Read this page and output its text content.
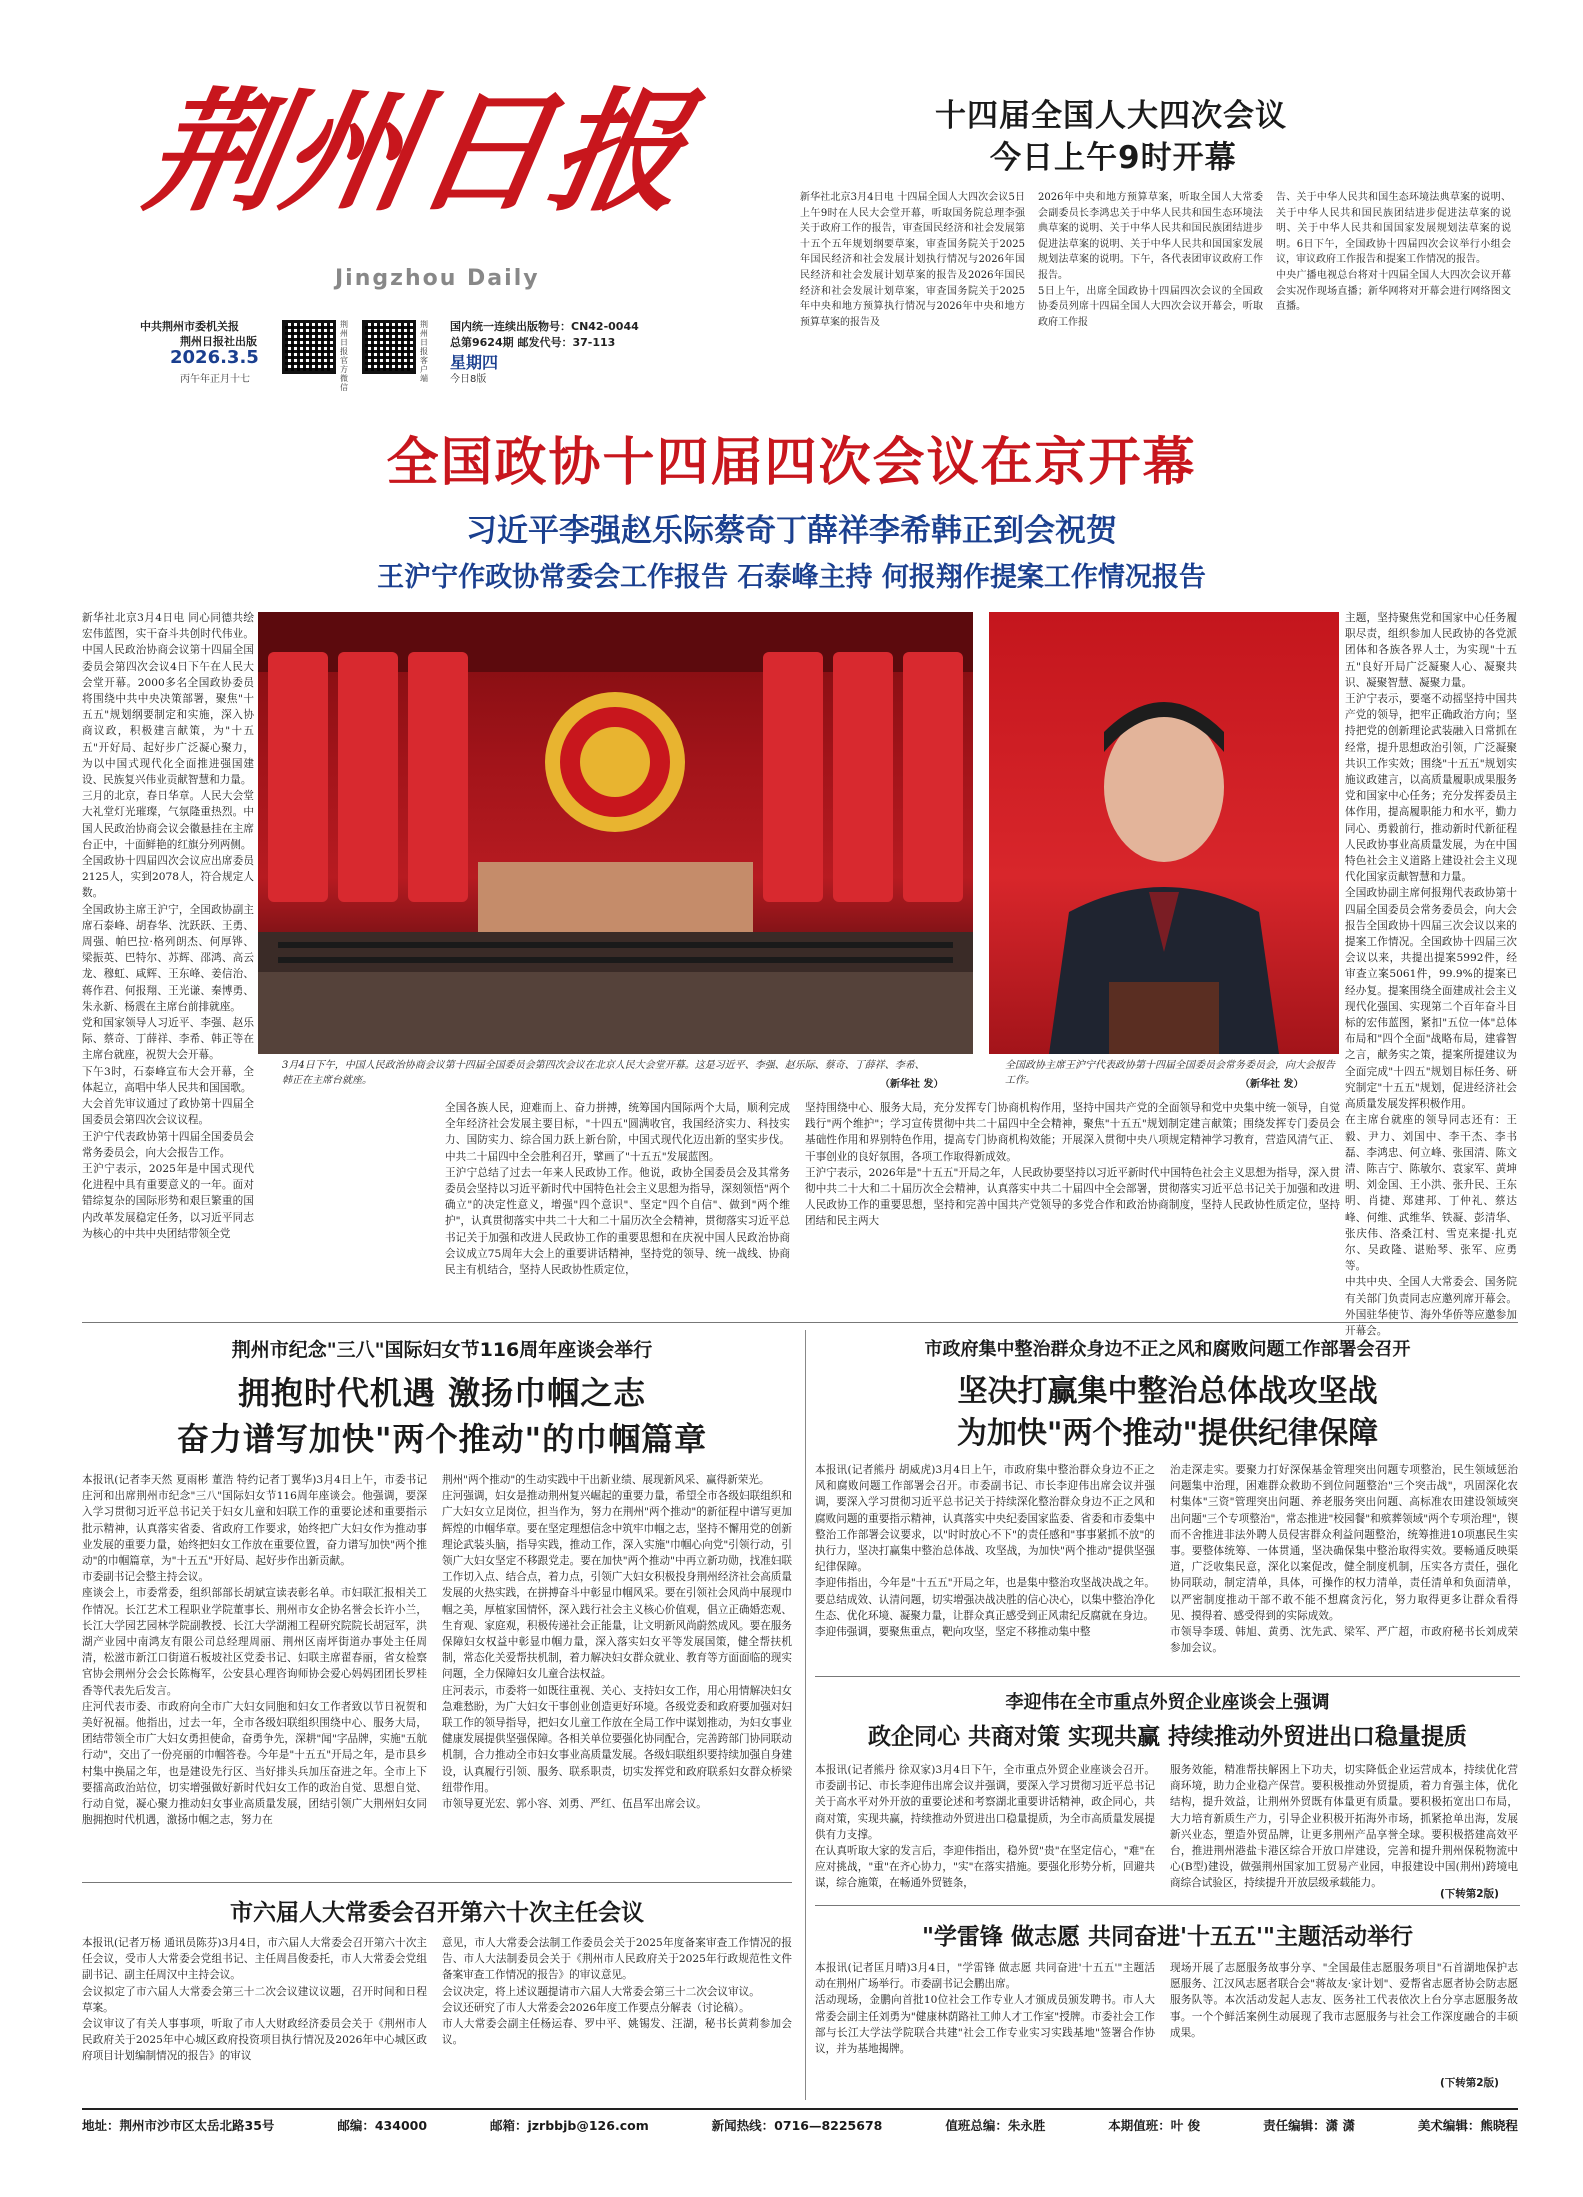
荆州日报
Jingzhou Daily
中共荆州市委机关报
荆州日报社出版
2026.3.5
丙午年正月十七
荆州日报官方微信
荆州日报客户端
国内统一连续出版物号：CN42-0044
总第9624期 邮发代号：37-113
星期四
今日8版
十四届全国人大四次会议
今日上午9时开幕
新华社北京3月4日电 十四届全国人大四次会议5日上午9时在人民大会堂开幕，听取国务院总理李强关于政府工作的报告，审查国民经济和社会发展第十五个五年规划纲要草案，审查国务院关于2025年国民经济和社会发展计划执行情况与2026年国民经济和社会发展计划草案的报告及2026年国民经济和社会发展计划草案，审查国务院关于2025年中央和地方预算执行情况与2026年中央和地方预算草案的报告及
2026年中央和地方预算草案，听取全国人大常委会副委员长李鸿忠关于中华人民共和国生态环境法典草案的说明、关于中华人民共和国民族团结进步促进法草案的说明、关于中华人民共和国国家发展规划法草案的说明。下午，各代表团审议政府工作报告。
5日上午，出席全国政协十四届四次会议的全国政协委员列席十四届全国人大四次会议开幕会，听取政府工作报
告、关于中华人民共和国生态环境法典草案的说明、关于中华人民共和国民族团结进步促进法草案的说明、关于中华人民共和国国家发展规划法草案的说明。6日下午，全国政协十四届四次会议举行小组会议，审议政府工作报告和提案工作情况的报告。
中央广播电视总台将对十四届全国人大四次会议开幕会实况作现场直播；新华网将对开幕会进行网络图文直播。
全国政协十四届四次会议在京开幕
习近平李强赵乐际蔡奇丁薛祥李希韩正到会祝贺
王沪宁作政协常委会工作报告 石泰峰主持 何报翔作提案工作情况报告
新华社北京3月4日电 同心同德共绘宏伟蓝图，实干奋斗共创时代伟业。中国人民政治协商会议第十四届全国委员会第四次会议4日下午在人民大会堂开幕。2000多名全国政协委员将围绕中共中央决策部署，聚焦"十五五"规划纲要制定和实施，深入协商议政，积极建言献策，为"十五五"开好局、起好步广泛凝心聚力，为以中国式现代化全面推进强国建设、民族复兴伟业贡献智慧和力量。
三月的北京，春日华章。人民大会堂大礼堂灯光璀璨，气氛隆重热烈。中国人民政治协商会议会徽悬挂在主席台正中，十面鲜艳的红旗分列两侧。
全国政协十四届四次会议应出席委员2125人，实到2078人，符合规定人数。
全国政协主席王沪宁，全国政协副主席石泰峰、胡春华、沈跃跃、王勇、周强、帕巴拉·格列朗杰、何厚铧、梁振英、巴特尔、苏辉、邵鸿、高云龙、穆虹、咸辉、王东峰、姜信治、蒋作君、何报翔、王光谦、秦博勇、朱永新、杨震在主席台前排就座。
党和国家领导人习近平、李强、赵乐际、蔡奇、丁薛祥、李希、韩正等在主席台就座，祝贺大会开幕。
下午3时，石泰峰宣布大会开幕，全体起立，高唱中华人民共和国国歌。
大会首先审议通过了政协第十四届全国委员会第四次会议议程。
王沪宁代表政协第十四届全国委员会常务委员会，向大会报告工作。
王沪宁表示，2025年是中国式现代化进程中具有重要意义的一年。面对错综复杂的国际形势和艰巨繁重的国内改革发展稳定任务，以习近平同志为核心的中共中央团结带领全党
3月4日下午，中国人民政治协商会议第十四届全国委员会第四次会议在北京人民大会堂开幕。这是习近平、李强、赵乐际、蔡奇、丁薛祥、李希、韩正在主席台就座。	（新华社 发）
全国政协主席王沪宁代表政协第十四届全国委员会常务委员会，向大会报告工作。	（新华社 发）
主题，坚持聚焦党和国家中心任务履职尽责，组织参加人民政协的各党派团体和各族各界人士，为实现"十五五"良好开局广泛凝聚人心、凝聚共识、凝聚智慧、凝聚力量。
王沪宁表示，要毫不动摇坚持中国共产党的领导，把牢正确政治方向；坚持把党的创新理论武装融入日常抓在经常，提升思想政治引领，广泛凝聚共识工作实效；围绕"十五五"规划实施议政建言，以高质量履职成果服务党和国家中心任务；充分发挥委员主体作用，提高履职能力和水平，勤力同心、勇毅前行，推动新时代新征程人民政协事业高质量发展，为在中国特色社会主义道路上建设社会主义现代化国家贡献智慧和力量。
全国政协副主席何报翔代表政协第十四届全国委员会常务委员会，向大会报告全国政协十四届三次会议以来的提案工作情况。全国政协十四届三次会议以来，共提出提案5992件，经审查立案5061件，99.9%的提案已经办复。提案围绕全面建成社会主义现代化强国、实现第二个百年奋斗目标的宏伟蓝图，紧扣"五位一体"总体布局和"四个全面"战略布局，建睿智之言，献务实之策，提案所提建议为全面完成"十四五"规划目标任务、研究制定"十五五"规划，促进经济社会高质量发展发挥积极作用。
在主席台就座的领导同志还有：王毅、尹力、刘国中、李干杰、李书磊、李鸿忠、何立峰、张国清、陈文清、陈吉宁、陈敏尔、袁家军、黄坤明、刘金国、王小洪、张升民、王东明、肖捷、郑建邦、丁仲礼、蔡达峰、何维、武维华、铁凝、彭清华、张庆伟、洛桑江村、雪克来提·扎克尔、吴政隆、谌贻琴、张军、应勇等。
中共中央、全国人大常委会、国务院有关部门负责同志应邀列席开幕会。外国驻华使节、海外华侨等应邀参加开幕会。
全国各族人民，迎难而上、奋力拼搏，统筹国内国际两个大局，顺利完成全年经济社会发展主要目标，"十四五"圆满收官，我国经济实力、科技实力、国防实力、综合国力跃上新台阶，中国式现代化迈出新的坚实步伐。中共二十届四中全会胜利召开，擘画了"十五五"发展蓝图。
王沪宁总结了过去一年来人民政协工作。他说，政协全国委员会及其常务委员会坚持以习近平新时代中国特色社会主义思想为指导，深刻领悟"两个确立"的决定性意义，增强"四个意识"、坚定"四个自信"、做到"两个维护"，认真贯彻落实中共二十大和二十届历次全会精神，贯彻落实习近平总书记关于加强和改进人民政协工作的重要思想和在庆祝中国人民政治协商会议成立75周年大会上的重要讲话精神，坚持党的领导、统一战线、协商民主有机结合，坚持人民政协性质定位，
坚持围绕中心、服务大局，充分发挥专门协商机构作用，坚持中国共产党的全面领导和党中央集中统一领导，自觉践行"两个维护"；学习宣传贯彻中共二十届四中全会精神，聚焦"十五五"规划制定建言献策；围绕发挥专门委员会基础性作用和界别特色作用，提高专门协商机构效能；开展深入贯彻中央八项规定精神学习教育，营造风清气正、干事创业的良好氛围，各项工作取得新成效。
王沪宁表示，2026年是"十五五"开局之年，人民政协要坚持以习近平新时代中国特色社会主义思想为指导，深入贯彻中共二十大和二十届历次全会精神，认真落实中共二十届四中全会部署，贯彻落实习近平总书记关于加强和改进人民政协工作的重要思想，坚持和完善中国共产党领导的多党合作和政治协商制度，坚持人民政协性质定位，坚持团结和民主两大
荆州市纪念"三八"国际妇女节116周年座谈会举行
拥抱时代机遇 激扬巾帼之志
奋力谱写加快"两个推动"的巾帼篇章
本报讯(记者李天然 夏雨彬 董浩 特约记者丁翼华)3月4日上午，市委书记庄河和出席荆州市纪念"三八"国际妇女节116周年座谈会。他强调，要深入学习贯彻习近平总书记关于妇女儿童和妇联工作的重要论述和重要指示批示精神，认真落实省委、省政府工作要求，始终把广大妇女作为推动事业发展的重要力量，始终把妇女工作放在重要位置，奋力谱写加快"两个推动"的巾帼篇章，为"十五五"开好局、起好步作出新贡献。
市委副书记会整主持会议。
座谈会上，市委常委，组织部部长胡斌宣读表彰名单。市妇联汇报相关工作情况。长江艺术工程职业学院董事长、荆州市女企协名誉会长许小兰，长江大学园艺园林学院副教授、长江大学湖湘工程研究院院长胡冠军，洪湖产业园中南鸿友有限公司总经理周丽、荆州区南坪街道办事处主任周清，松滋市新江口街道石板坡社区党委书记、妇联主席翟春丽，省女检察官协会荆州分会会长陈梅军，公安县心理咨询师协会爱心妈妈团团长罗桂香等代表先后发言。
庄河代表市委、市政府向全市广大妇女同胞和妇女工作者致以节日祝贺和美好祝福。他指出，过去一年，全市各级妇联组织围绕中心、服务大局，团结带领全市广大妇女勇担使命，奋勇争先，深耕"闻"字品牌，实施"五航行动"，交出了一份亮丽的巾帼答卷。今年是"十五五"开局之年，是市县乡村集中换届之年，也是建设先行区、当好排头兵加压奋进之年。全市上下要擂高政治站位，切实增强做好新时代妇女工作的政治自觉、思想自觉、行动自觉，凝心聚力推动妇女事业高质量发展，团结引领广大荆州妇女同胞拥抱时代机遇，激扬巾帼之志，努力在
荆州"两个推动"的生动实践中干出新业绩、展现新风采、赢得新荣光。
庄河强调，妇女是推动荆州复兴崛起的重要力量，希望全市各级妇联组织和广大妇女立足岗位，担当作为，努力在荆州"两个推动"的新征程中谱写更加辉煌的巾帼华章。要在坚定理想信念中筑牢巾帼之志，坚持不懈用党的创新理论武装头脑，指导实践，推动工作，深入实施"巾帼心向党"引领行动，引领广大妇女坚定不移跟党走。要在加快"两个推动"中再立新功勋，找准妇联工作切入点、结合点，着力点，引领广大妇女积极投身荆州经济社会高质量发展的火热实践，在拼搏奋斗中彰显巾帼风采。要在引领社会风尚中展现巾帼之美，厚植家国情怀，深入践行社会主义核心价值观，倡立正确婚恋观、生育观、家庭观，积极传递社会正能量，让文明新风尚蔚然成风。要在服务保障妇女权益中彰显巾帼力量，深入落实妇女平等发展国策，健全帮扶机制，常态化关爱帮扶机制，着力解决妇女群众就业、教育等方面面临的现实问题，全力保障妇女儿童合法权益。
庄河表示，市委将一如既往重视、关心、支持妇女工作，用心用情解决妇女急难愁盼，为广大妇女干事创业创造更好环境。各级党委和政府要加强对妇联工作的领导指导，把妇女儿童工作放在全局工作中谋划推动，为妇女事业健康发展提供坚强保障。各相关单位要强化协同配合，完善跨部门协同联动机制，合力推动全市妇女事业高质量发展。各级妇联组织要持续加强自身建设，认真履行引领、服务、联系职责，切实发挥党和政府联系妇女群众桥梁纽带作用。
市领导夏光宏、郭小容、刘勇、严红、伍昌军出席会议。
市六届人大常委会召开第六十次主任会议
本报讯(记者万杨 通讯员陈芬)3月4日，市六届人大常委会召开第六十次主任会议，受市人大常委会党组书记、主任周昌俊委托，市人大常委会党组副书记、副主任周汉中主持会议。
会议拟定了市六届人大常委会第三十二次会议建议议题，召开时间和日程草案。
会议审议了有关人事事项，听取了市人大财政经济委员会关于《荆州市人民政府关于2025年中心城区政府投资项目执行情况及2026年中心城区政府项目计划编制情况的报告》的审议
意见，市人大常委会法制工作委员会关于2025年度备案审查工作情况的报告、市人大法制委员会关于《荆州市人民政府关于2025年行政规范性文件备案审查工作情况的报告》的审议意见。
会议决定，将上述议题提请市六届人大常委会第三十二次会议审议。
会议还研究了市人大常委会2026年度工作要点分解表（讨论稿）。
市人大常委会副主任杨运春、罗中平、姚锡发、汪湖，秘书长黄莉参加会议。
市政府集中整治群众身边不正之风和腐败问题工作部署会召开
坚决打赢集中整治总体战攻坚战
为加快"两个推动"提供纪律保障
本报讯(记者熊丹 胡威虎)3月4日上午，市政府集中整治群众身边不正之风和腐败问题工作部署会召开。市委副书记、市长李迎伟出席会议并强调，要深入学习贯彻习近平总书记关于持续深化整治群众身边不正之风和腐败问题的重要指示精神，认真落实中央纪委国家监委、省委和市委集中整治工作部署会议要求，以"时时放心不下"的责任感和"事事紧抓不放"的执行力，坚决打赢集中整治总体战、攻坚战，为加快"两个推动"提供坚强纪律保障。
李迎伟指出，今年是"十五五"开局之年，也是集中整治攻坚战决战之年。要总结成效、认清问题，切实增强决战决胜的信心决心，以集中整治净化生态、优化环境、凝聚力量，让群众真正感受到正风肃纪反腐就在身边。
李迎伟强调，要聚焦重点，靶向攻坚，坚定不移推动集中整
治走深走实。要聚力打好深保基金管理突出问题专项整治，民生领域惩治问题集中治理，困难群众救助不到位问题整治"三个突击战"，巩固深化农村集体"三资"管理突出问题、养老服务突出问题、高标准农田建设领域突出问题"三个专项整治"，常态推进"校园餐"和殡葬领域"两个专项治理"，锲而不舍推进非法外聘人员侵害群众利益问题整治，统筹推进10项惠民生实事。要整体统筹、一体贯通，坚决确保集中整治取得实效。要畅通反映渠道，广泛收集民意，深化以案促改，健全制度机制，压实各方责任，强化协同联动，制定清单，具体，可操作的权力清单，责任清单和负面清单，以严密制度推动干部不敢不能不想腐贪污化，努力取得更多让群众看得见、摸得着、感受得到的实际成效。
市领导李瑗、韩旭、黄勇、沈先武、梁军、严广超，市政府秘书长刘成荣参加会议。
李迎伟在全市重点外贸企业座谈会上强调
政企同心 共商对策 实现共赢 持续推动外贸进出口稳量提质
本报讯(记者熊丹 徐双家)3月4日下午，全市重点外贸企业座谈会召开。市委副书记、市长李迎伟出席会议并强调，要深入学习贯彻习近平总书记关于高水平对外开放的重要论述和考察湖北重要讲话精神，政企同心，共商对策，实现共赢，持续推动外贸进出口稳量提质，为全市高质量发展提供有力支撑。
在认真听取大家的发言后，李迎伟指出，稳外贸"贵"在坚定信心，"难"在应对挑战，"重"在齐心协力，"实"在落实措施。要强化形势分析，回避共谋，综合施策，在畅通外贸链条，
服务效能，精准帮扶解困上下功夫，切实降低企业运营成本，持续优化营商环境，助力企业稳产保营。要积极推动外贸提质，着力育强主体，优化结构，提升效益，让荆州外贸既有体量更有质量。要积极拓宽出口布局，大力培育新质生产力，引导企业积极开拓海外市场，抓紧抢单出海，发展新兴业态，塑造外贸品牌，让更多荆州产品享誉全球。要积极搭建高效平台，推进荆州港盐卡港区综合开放口岸建设，完善和提升荆州保税物流中心(B型)建设，做强荆州国家加工贸易产业园，申报建设中国(荆州)跨境电商综合试验区，持续提升开放层级承载能力。
(下转第2版)
"学雷锋 做志愿 共同奋进'十五五'"主题活动举行
本报讯(记者匡月晴)3月4日，"学雷锋 做志愿 共同奋进'十五五'"主题活动在荆州广场举行。市委副书记会鹏出席。
活动现场，金鹏向首批10位社会工作专业人才颁成员颁发聘书。市人大常委会副主任刘勇为"健康林荫路社工帅人才工作室"授牌。市委社会工作部与长江大学法学院联合共建"社会工作专业实习实践基地"签署合作协议，并为基地揭牌。
现场开展了志愿服务故事分享、"全国最佳志愿服务项目"石首湖地保护志愿服务、江汉风志愿者联合会"蒋故友·家计划"、爱帮省志愿者协会防志愿服务队等。本次活动发起人志友、医务社工代表依次上台分享志愿服务故事。一个个鲜活案例生动展现了我市志愿服务与社会工作深度融合的丰硕成果。
(下转第2版)
地址：荆州市沙市区太岳北路35号	邮编：434000	邮箱：jzrbbjb@126.com	新闻热线：0716—8225678	值班总编：朱永胜	本期值班：叶 俊	责任编辑：潇 潇	美术编辑：熊晓程
